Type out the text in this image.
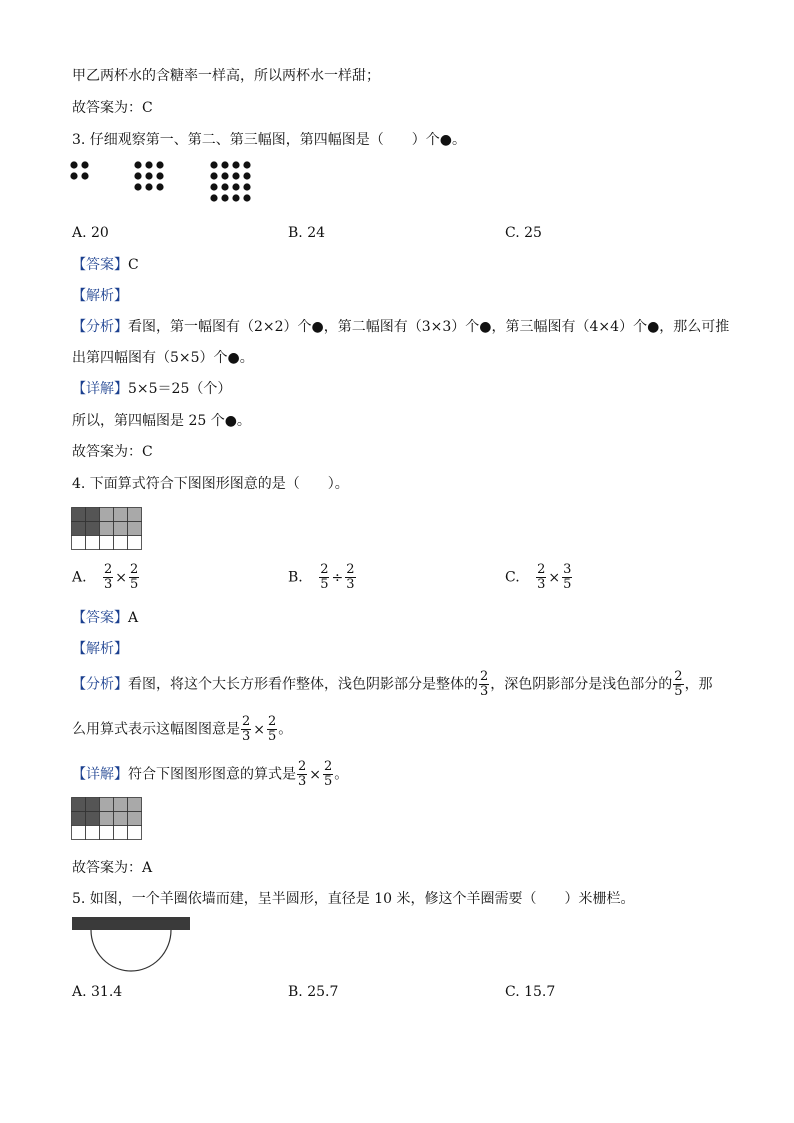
甲乙两杯水的含糖率一样高，所以两杯水一样甜；
故答案为：C
3. 仔细观察第一、第二、第三幅图，第四幅图是（　　）个●。
A. 20	B. 24	C. 25
【答案】C
【解析】
【分析】看图，第一幅图有（2×2）个●，第二幅图有（3×3）个●，第三幅图有（4×4）个●，那么可推
出第四幅图有（5×5）个●。
【详解】5×5＝25（个）
所以，第四幅图是 25 个●。
故答案为：C
4. 下面算式符合下图图形图意的是（　　）。
A. $\frac{2}{3} \times \frac{2}{5}$	B. $\frac{2}{5} \div \frac{2}{3}$	C. $\frac{2}{3} \times \frac{3}{5}$
【答案】A
【解析】
【分析】看图，将这个大长方形看作整体，浅色阴影部分是整体的 $\frac{2}{3}$ ，深色阴影部分是浅色部分的 $\frac{2}{5}$ ，那
么用算式表示这幅图图意是 $\frac{2}{3} \times \frac{2}{5}$ 。
【详解】符合下图图形图意的算式是 $\frac{2}{3} \times \frac{2}{5}$ 。
故答案为：A
5. 如图，一个羊圈依墙而建，呈半圆形，直径是 10 米，修这个羊圈需要（　　）米栅栏。
A. 31.4	B. 25.7	C. 15.7
